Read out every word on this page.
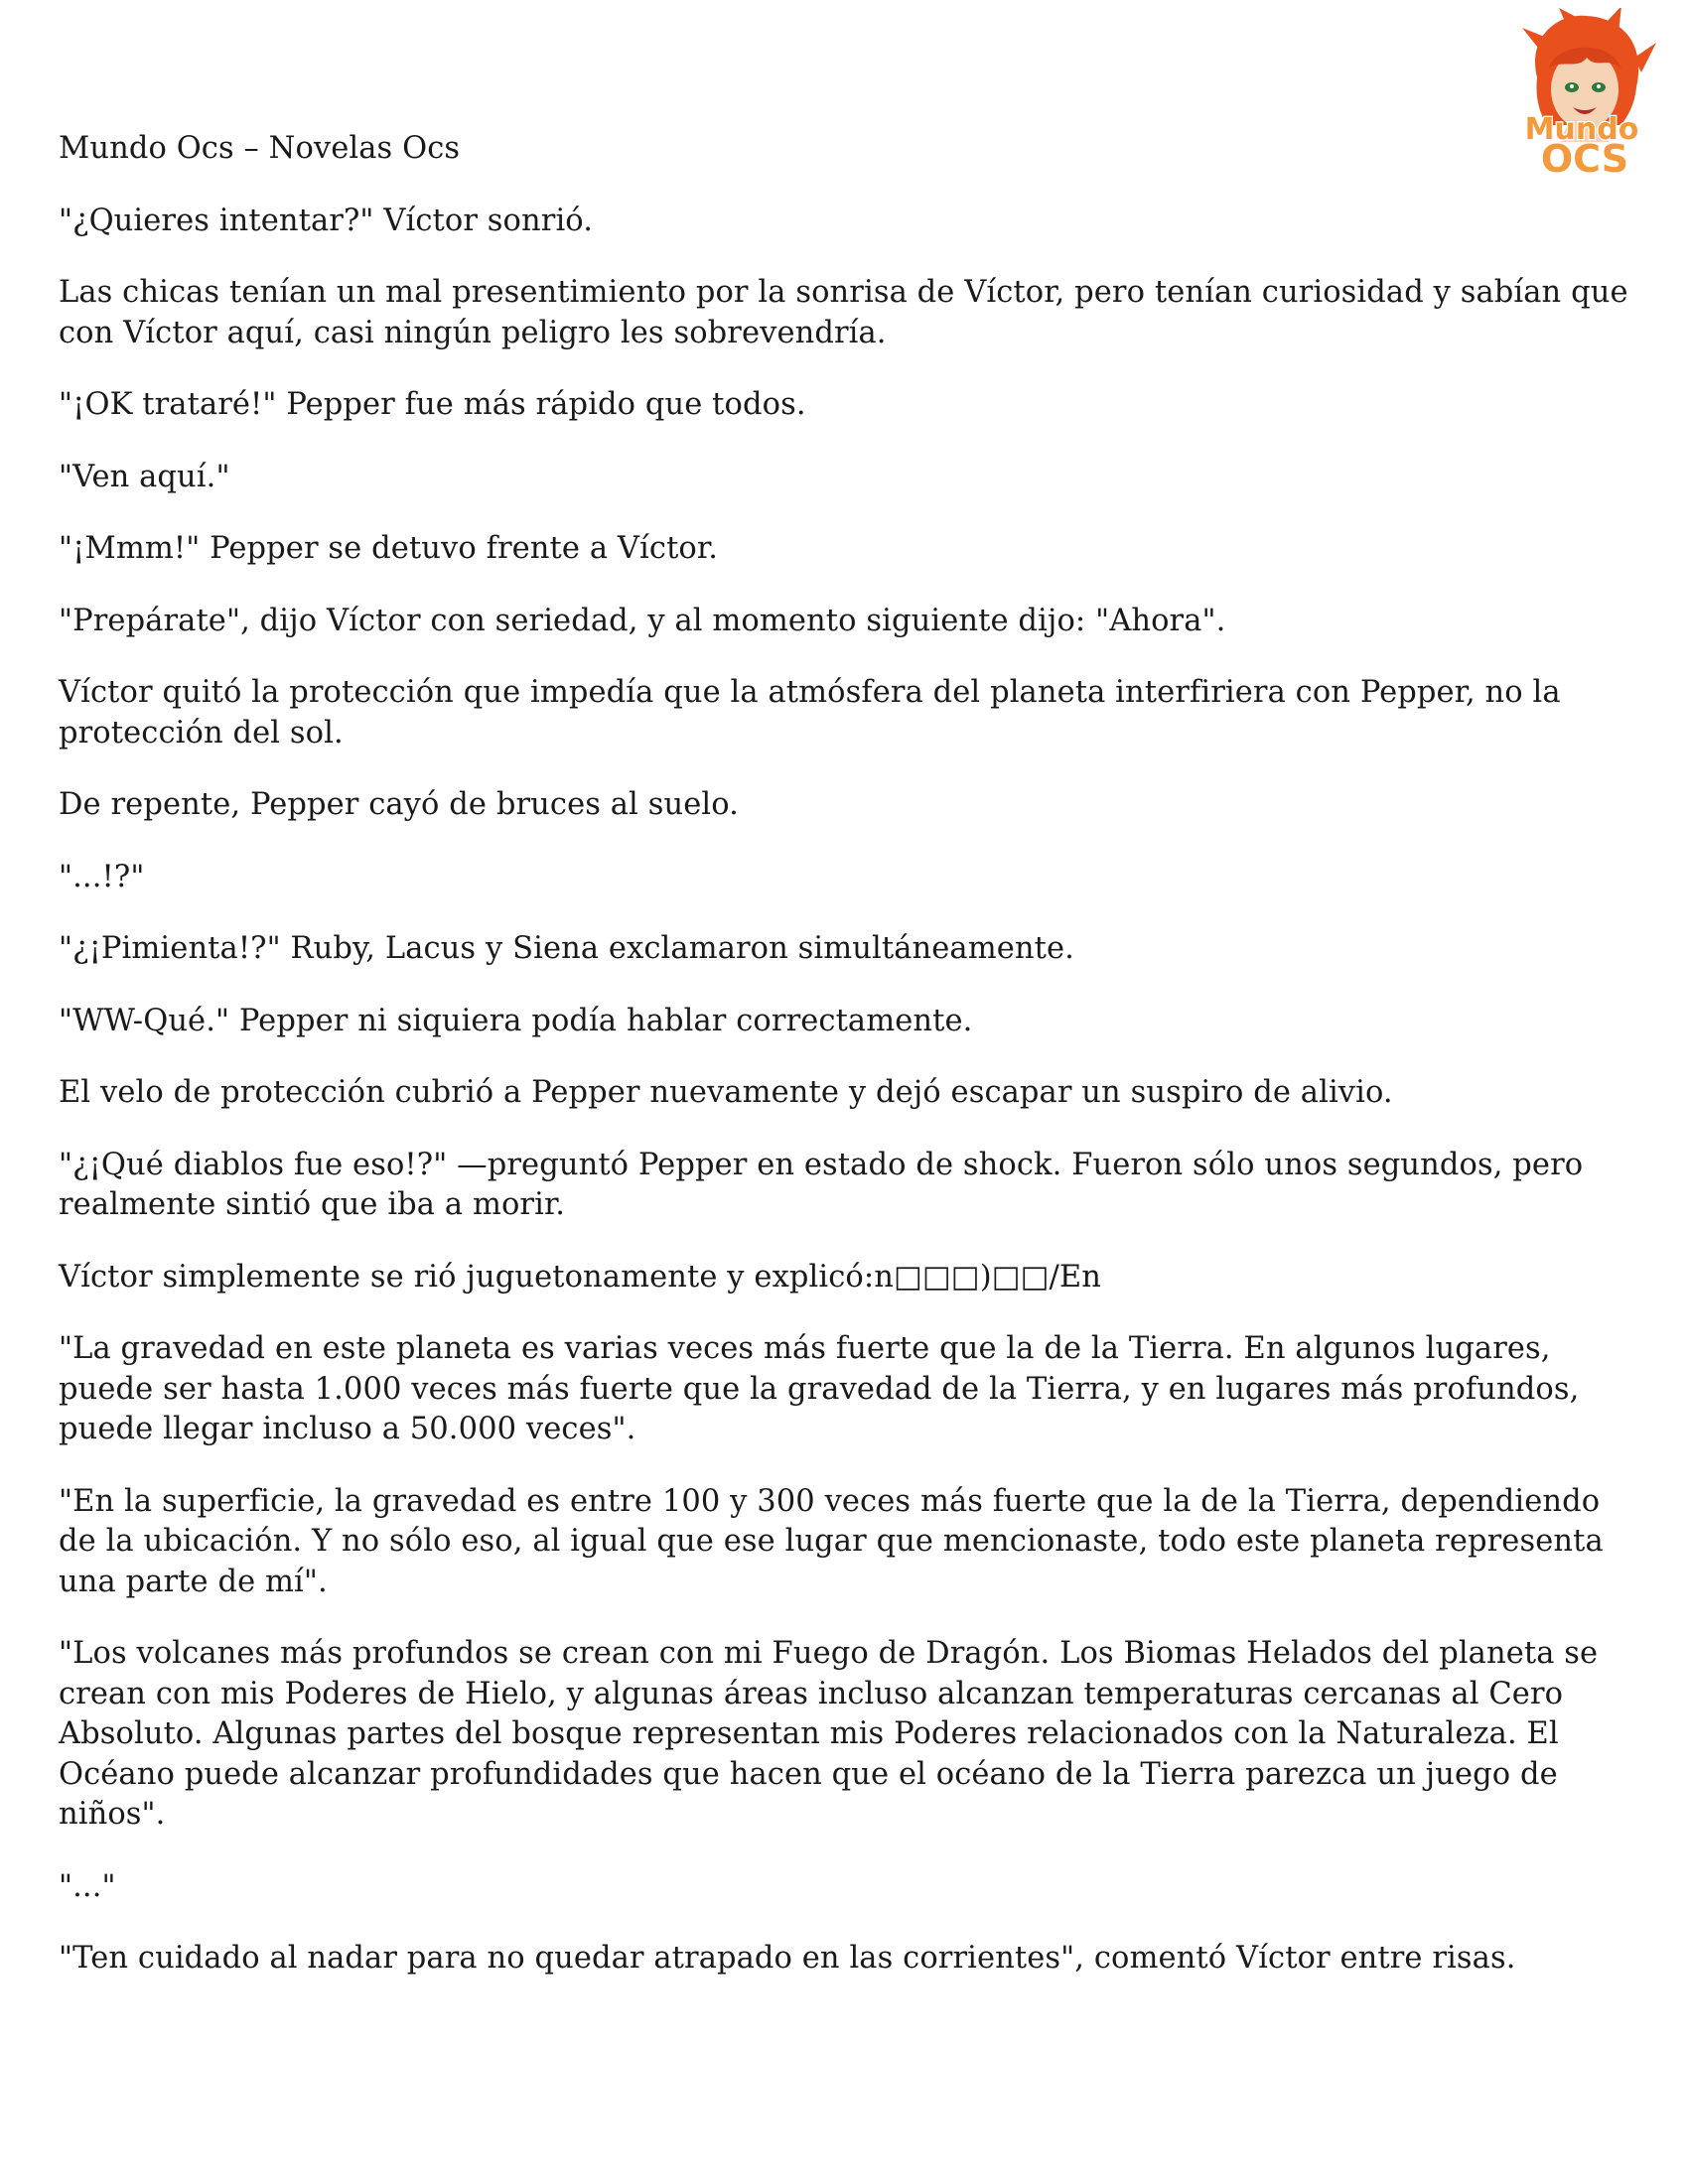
Mundo
OCS

Mundo Ocs – Novelas Ocs

"¿Quieres intentar?" Víctor sonrió.

Las chicas tenían un mal presentimiento por la sonrisa de Víctor, pero tenían curiosidad y sabían que con Víctor aquí, casi ningún peligro les sobrevendría.

"¡OK trataré!" Pepper fue más rápido que todos.

"Ven aquí."

"¡Mmm!" Pepper se detuvo frente a Víctor.

"Prepárate", dijo Víctor con seriedad, y al momento siguiente dijo: "Ahora".

Víctor quitó la protección que impedía que la atmósfera del planeta interfiriera con Pepper, no la protección del sol.

De repente, Pepper cayó de bruces al suelo.

"...!?"

"¿¡Pimienta!?" Ruby, Lacus y Siena exclamaron simultáneamente.

"WW-Qué." Pepper ni siquiera podía hablar correctamente.

El velo de protección cubrió a Pepper nuevamente y dejó escapar un suspiro de alivio.

"¿¡Qué diablos fue eso!?" —preguntó Pepper en estado de shock. Fueron sólo unos segundos, pero realmente sintió que iba a morir.

Víctor simplemente se rió juguetonamente y explicó:n□□□)□□/En

"La gravedad en este planeta es varias veces más fuerte que la de la Tierra. En algunos lugares, puede ser hasta 1.000 veces más fuerte que la gravedad de la Tierra, y en lugares más profundos, puede llegar incluso a 50.000 veces".

"En la superficie, la gravedad es entre 100 y 300 veces más fuerte que la de la Tierra, dependiendo de la ubicación. Y no sólo eso, al igual que ese lugar que mencionaste, todo este planeta representa una parte de mí".

"Los volcanes más profundos se crean con mi Fuego de Dragón. Los Biomas Helados del planeta se crean con mis Poderes de Hielo, y algunas áreas incluso alcanzan temperaturas cercanas al Cero Absoluto. Algunas partes del bosque representan mis Poderes relacionados con la Naturaleza. El Océano puede alcanzar profundidades que hacen que el océano de la Tierra parezca un juego de niños".

"..."

"Ten cuidado al nadar para no quedar atrapado en las corrientes", comentó Víctor entre risas.
